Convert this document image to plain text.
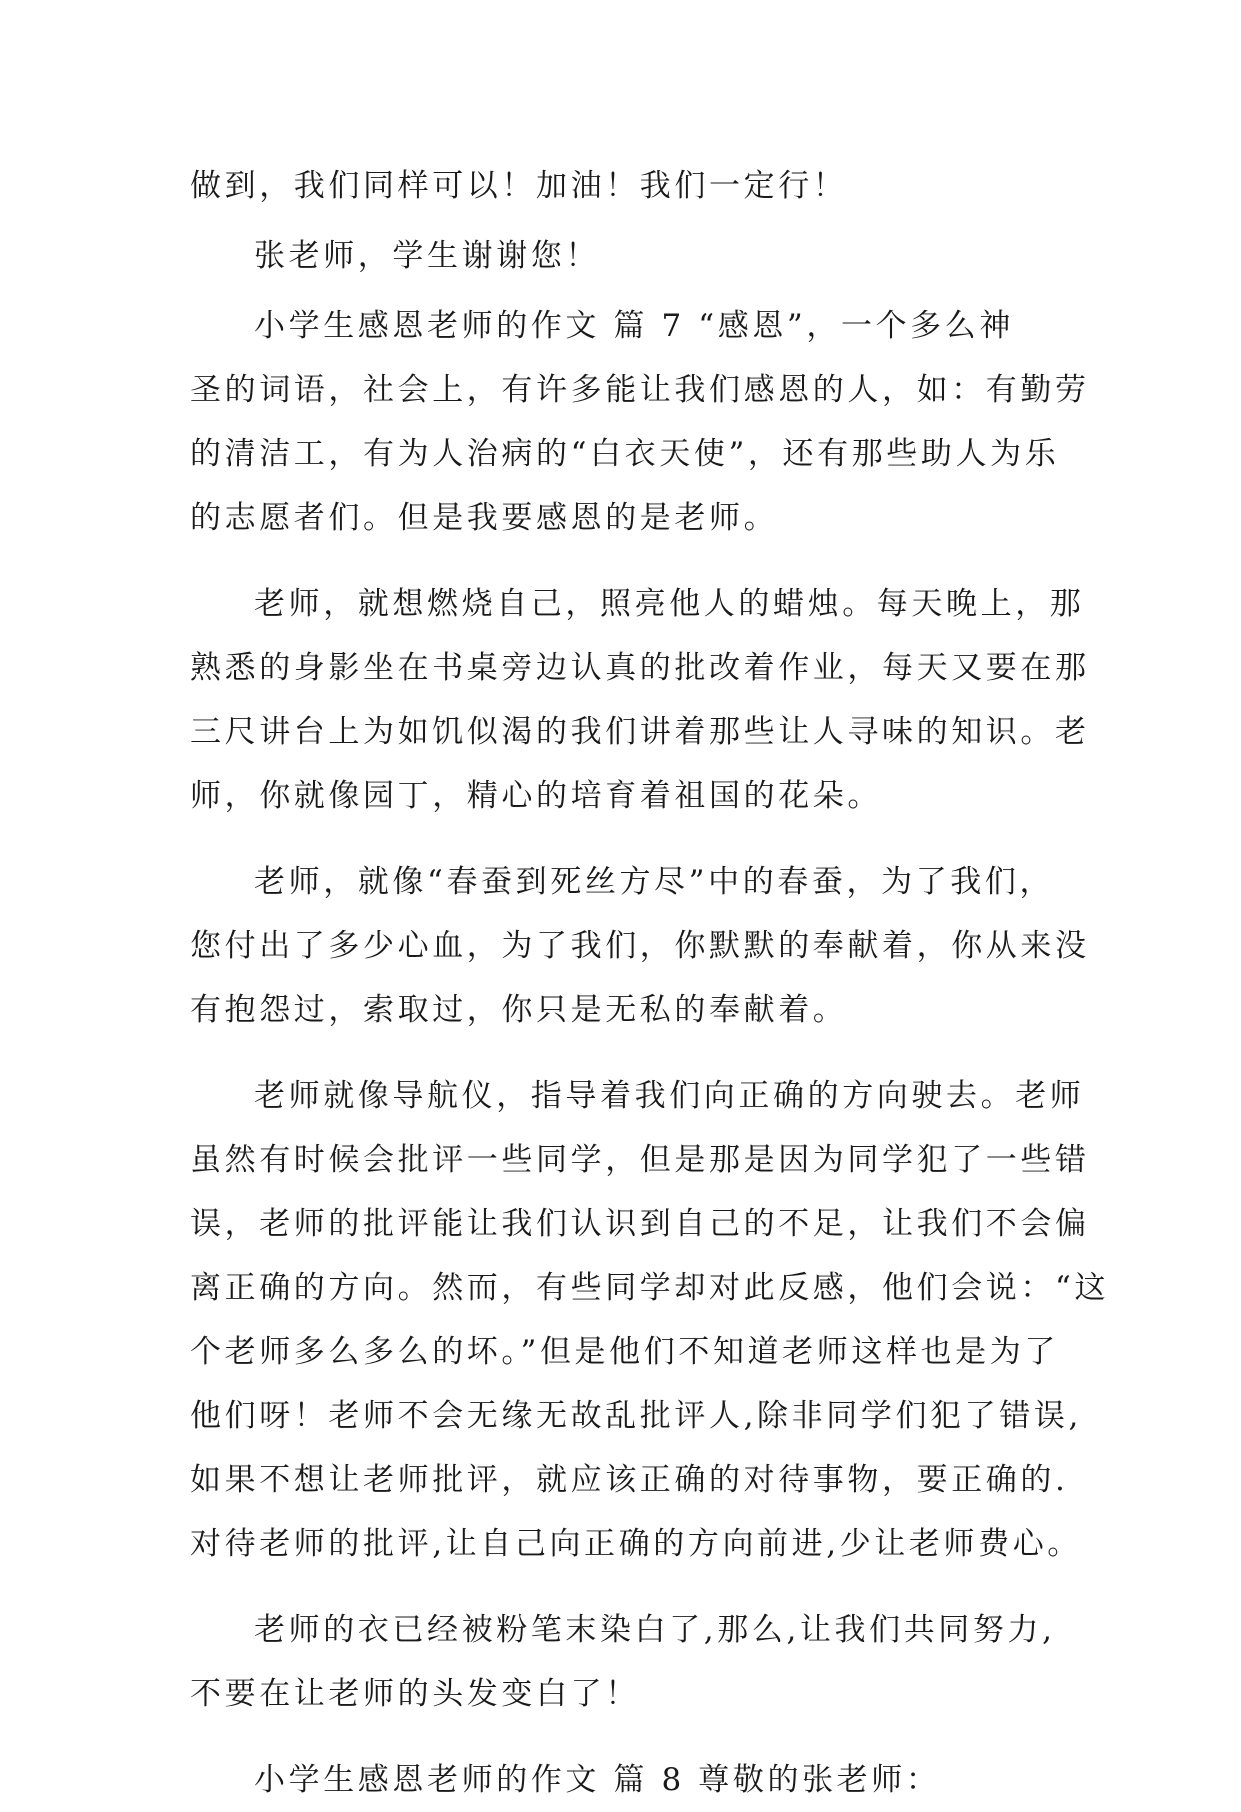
做到，我们同样可以！加油！我们一定行！
张老师，学生谢谢您！
小学生感恩老师的作文 篇 7 “感恩”，一个多么神
圣的词语，社会上，有许多能让我们感恩的人，如：有勤劳
的清洁工，有为人治病的“白衣天使”，还有那些助人为乐
的志愿者们。但是我要感恩的是老师。
老师，就想燃烧自己，照亮他人的蜡烛。每天晚上，那
熟悉的身影坐在书桌旁边认真的批改着作业，每天又要在那
三尺讲台上为如饥似渴的我们讲着那些让人寻味的知识。老
师，你就像园丁，精心的培育着祖国的花朵。
老师，就像“春蚕到死丝方尽”中的春蚕，为了我们，
您付出了多少心血，为了我们，你默默的奉献着，你从来没
有抱怨过，索取过，你只是无私的奉献着。
老师就像导航仪，指导着我们向正确的方向驶去。老师
虽然有时候会批评一些同学，但是那是因为同学犯了一些错
误，老师的批评能让我们认识到自己的不足，让我们不会偏
离正确的方向。然而，有些同学却对此反感，他们会说：“这
个老师多么多么的坏。”但是他们不知道老师这样也是为了
他们呀！老师不会无缘无故乱批评人,除非同学们犯了错误,
如果不想让老师批评，就应该正确的对待事物，要正确的.
对待老师的批评,让自己向正确的方向前进,少让老师费心。
老师的衣已经被粉笔末染白了,那么,让我们共同努力,
不要在让老师的头发变白了！
小学生感恩老师的作文 篇 8 尊敬的张老师：
